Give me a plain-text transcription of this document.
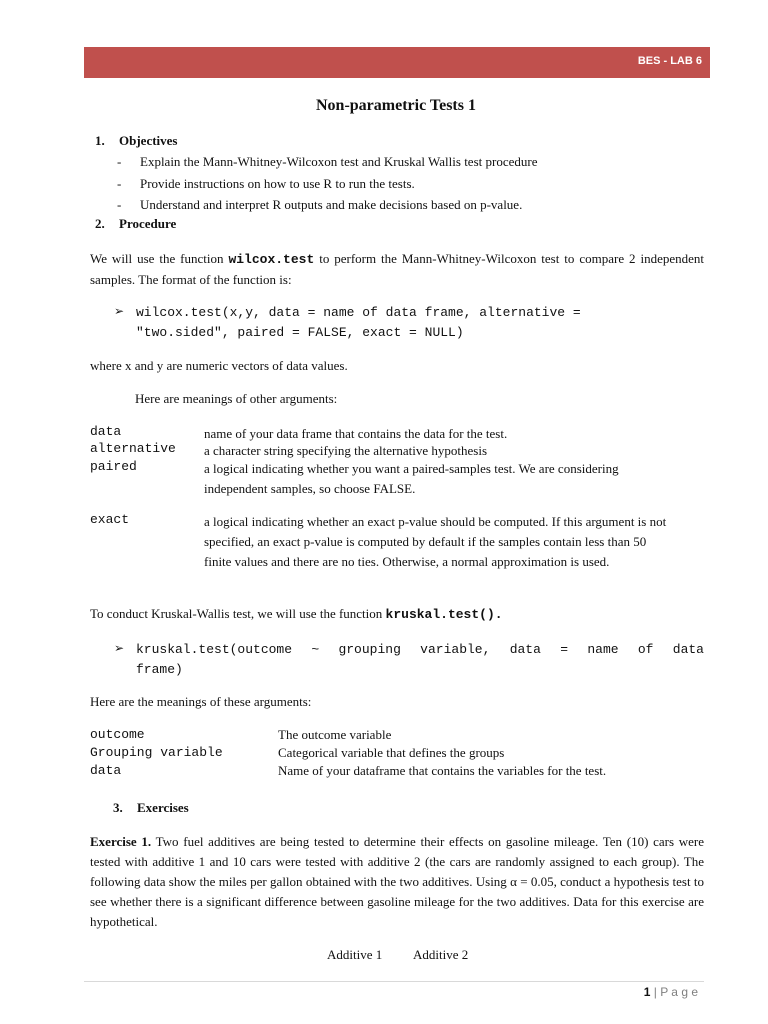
BES - LAB 6
Non-parametric Tests 1
1. Objectives
- Explain the Mann-Whitney-Wilcoxon test and Kruskal Wallis test procedure
- Provide instructions on how to use R to run the tests.
- Understand and interpret R outputs and make decisions based on p-value.
2. Procedure
We will use the function wilcox.test to perform the Mann-Whitney-Wilcoxon test to compare 2 independent samples. The format of the function is:
➢ wilcox.test(x,y, data = name of data frame, alternative =
"two.sided", paired = FALSE, exact = NULL)
where x and y are numeric vectors of data values.
Here are meanings of other arguments:
data	name of your data frame that contains the data for the test.
alternative a character string specifying the alternative hypothesis
paired	a logical indicating whether you want a paired-samples test. We are considering independent samples, so choose FALSE.
exact	a logical indicating whether an exact p-value should be computed. If this argument is not specified, an exact p-value is computed by default if the samples contain less than 50 finite values and there are no ties. Otherwise, a normal approximation is used.
To conduct Kruskal-Wallis test, we will use the function kruskal.test().
➢ kruskal.test(outcome ~ grouping variable, data = name of data
frame)
Here are the meanings of these arguments:
outcome	The outcome variable
Grouping variable	Categorical variable that defines the groups
data	Name of your dataframe that contains the variables for the test.
3. Exercises
Exercise 1. Two fuel additives are being tested to determine their effects on gasoline mileage. Ten (10) cars were tested with additive 1 and 10 cars were tested with additive 2 (the cars are randomly assigned to each group). The following data show the miles per gallon obtained with the two additives. Using α = 0.05, conduct a hypothesis test to see whether there is a significant difference between gasoline mileage for the two additives. Data for this exercise are hypothetical.
Additive 1 Additive 2
1 | P a g e
